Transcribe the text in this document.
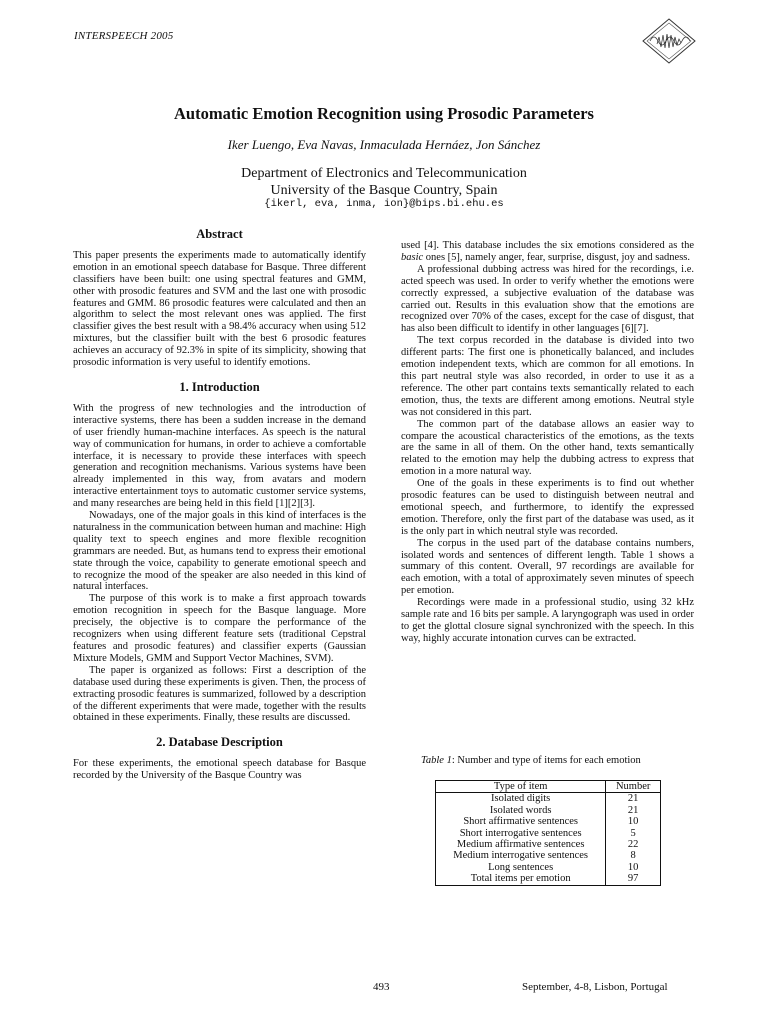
INTERSPEECH 2005
Automatic Emotion Recognition using Prosodic Parameters
Iker Luengo, Eva Navas, Inmaculada Hernáez, Jon Sánchez
Department of Electronics and Telecommunication
University of the Basque Country, Spain
{ikerl, eva, inma, ion}@bips.bi.ehu.es
Abstract

This paper presents the experiments made to automatically identify emotion in an emotional speech database for Basque. Three different classifiers have been built: one using spectral features and GMM, other with prosodic features and SVM and the last one with prosodic features and GMM. 86 prosodic features were calculated and then an algorithm to select the most relevant ones was applied. The first classifier gives the best result with a 98.4% accuracy when using 512 mixtures, but the classifier built with the best 6 prosodic features achieves an accuracy of 92.3% in spite of its simplicity, showing that prosodic information is very useful to identify emotions.

1. Introduction

With the progress of new technologies and the introduction of interactive systems, there has been a sudden increase in the demand of user friendly human-machine interfaces. As speech is the natural way of communication for humans, in order to achieve a comfortable interface, it is necessary to provide these interfaces with speech generation and recognition mechanisms. Various systems have been already implemented in this way, from avatars and modern interactive entertainment toys to automatic customer service systems, and many researches are being held in this field [1][2][3].

Nowadays, one of the major goals in this kind of interfaces is the naturalness in the communication between human and machine: High quality text to speech engines and more flexible recognition grammars are needed. But, as humans tend to express their emotional state through the voice, capability to generate emotional speech and to recognize the mood of the speaker are also needed in this kind of natural interfaces.

The purpose of this work is to make a first approach towards emotion recognition in speech for the Basque language. More precisely, the objective is to compare the performance of the recognizers when using different feature sets (traditional Cepstral features and prosodic features) and classifier experts (Gaussian Mixture Models, GMM and Support Vector Machines, SVM).

The paper is organized as follows: First a description of the database used during these experiments is given. Then, the process of extracting prosodic features is summarized, followed by a description of the different experiments that were made, together with the results obtained in these experiments. Finally, these results are discussed.

2. Database Description

For these experiments, the emotional speech database for Basque recorded by the University of the Basque Country was

used [4]. This database includes the six emotions considered as the basic ones [5], namely anger, fear, surprise, disgust, joy and sadness.

A professional dubbing actress was hired for the recordings, i.e. acted speech was used. In order to verify whether the emotions were correctly expressed, a subjective evaluation of the database was carried out. Results in this evaluation show that the emotions are recognized over 70% of the cases, except for the case of disgust, that has also been difficult to identify in other languages [6][7].

The text corpus recorded in the database is divided into two different parts: The first one is phonetically balanced, and includes emotion independent texts, which are common for all emotions. In this part neutral style was also recorded, in order to use it as a reference. The other part contains texts semantically related to each emotion, thus, the texts are different among emotions. Neutral style was not considered in this part.

The common part of the database allows an easier way to compare the acoustical characteristics of the emotions, as the texts are the same in all of them. On the other hand, texts semantically related to the emotion may help the dubbing actress to express that emotion in a more natural way.

One of the goals in these experiments is to find out whether prosodic features can be used to distinguish between neutral and emotional speech, and furthermore, to identify the expressed emotion. Therefore, only the first part of the database was used, as it is the only part in which neutral style was recorded.

The corpus in the used part of the database contains numbers, isolated words and sentences of different length. Table 1 shows a summary of this content. Overall, 97 recordings are available for each emotion, with a total of approximately seven minutes of speech per emotion.

Recordings were made in a professional studio, using 32 kHz sample rate and 16 bits per sample. A laryngograph was used in order to get the glottal closure signal synchronized with the speech. In this way, highly accurate intonation curves can be extracted.

Table 1: Number and type of items for each emotion
Type of item	Number
Isolated digits	21
Isolated words	21
Short affirmative sentences	10
Short interrogative sentences	5
Medium affirmative sentences	22
Medium interrogative sentences	8
Long sentences	10
Total items per emotion	97
493	September, 4-8, Lisbon, Portugal
